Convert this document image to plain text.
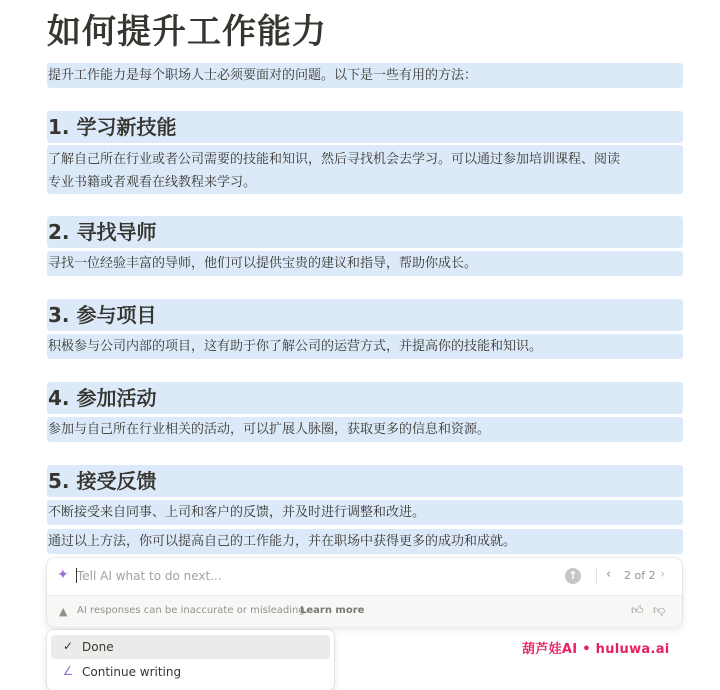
如何提升工作能力
提升工作能力是每个职场人士必须要面对的问题。以下是一些有用的方法：
1. 学习新技能
了解自己所在行业或者公司需要的技能和知识，然后寻找机会去学习。可以通过参加培训课程、阅读
专业书籍或者观看在线教程来学习。
2. 寻找导师
寻找一位经验丰富的导师，他们可以提供宝贵的建议和指导，帮助你成长。
3. 参与项目
积极参与公司内部的项目，这有助于你了解公司的运营方式，并提高你的技能和知识。
4. 参加活动
参加与自己所在行业相关的活动，可以扩展人脉圈，获取更多的信息和资源。
5. 接受反馈
不断接受来自同事、上司和客户的反馈，并及时进行调整和改进。
通过以上方法，你可以提高自己的工作能力，并在职场中获得更多的成功和成就。
✦
Tell AI what to do next...	↑ ‹ 2 of 2 ›
▲ AI responses can be inaccurate or misleading.
Learn more	👍︎ 👎︎
葫芦娃AI • huluwa.ai
✓ Done
∠ Continue writing
